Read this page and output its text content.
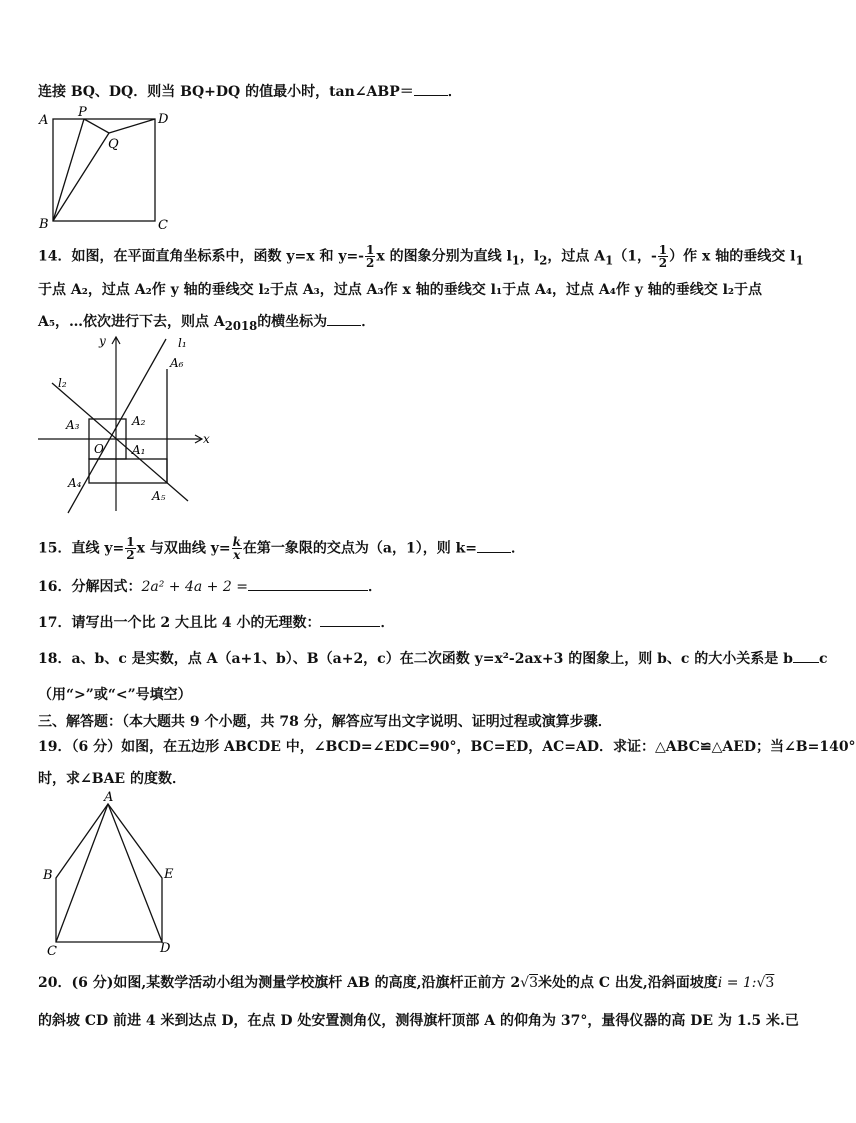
连接 BQ、DQ．则当 BQ+DQ 的值最小时，tan∠ABP＝ ．
A
P	D
Q
B	C
14．如图，在平面直角坐标系中，函数 y=x 和 $y=- \frac{1}{2}$ x 的图象分别为直线 $l_1$，$l_2$，过点 $A_1(1$，- $\frac{1}{2}$ ）作 x 轴的垂线交 $l_1$
于点 A₂，过点 A₂作 y 轴的垂线交 l₂于点 A₃，过点 A₃作 x 轴的垂线交 l₁于点 A₄，过点 A₄作 y 轴的垂线交 l₂于点
A₅，…依次进行下去，则点 $A_{2018}$的横坐标为 ．
y
x
O
l₁
l₂
A₆
A₂
A₃
A₁
A₄
A₅
15．直线 $y= \frac{1}{2}$ x 与双曲线 $y= \frac{k}{x}$ 在第一象限的交点为（a，1），则 k= ．
16．分解因式：2a² + 4a + 2 =	．
17．请写出一个比 2 大且比 4 小的无理数：	．
18．a、b、c 是实数，点 A（a+1、b）、B（a+2，c）在二次函数 y=x²-2ax+3 的图象上，则 b、c 的大小关系是 b c
（用“>”或“<”号填空）
三、解答题：（本大题共 9 个小题，共 78 分，解答应写出文字说明、证明过程或演算步骤．
19．（6 分）如图，在五边形 ABCDE 中，∠BCD=∠EDC=90°，BC=ED，AC=AD．求证：△ABC≌△AED；当∠B=140°
时，求∠BAE 的度数．
A
B	E
C	D
20．(6 分)如图,某数学活动小组为测量学校旗杆 AB 的高度,沿旗杆正前方 2√3米处的点 C 出发,沿斜面坡度i = 1:√3
的斜坡 CD 前进 4 米到达点 D，在点 D 处安置测角仪，测得旗杆顶部 A 的仰角为 37°，量得仪器的高 DE 为 1.5 米.已
